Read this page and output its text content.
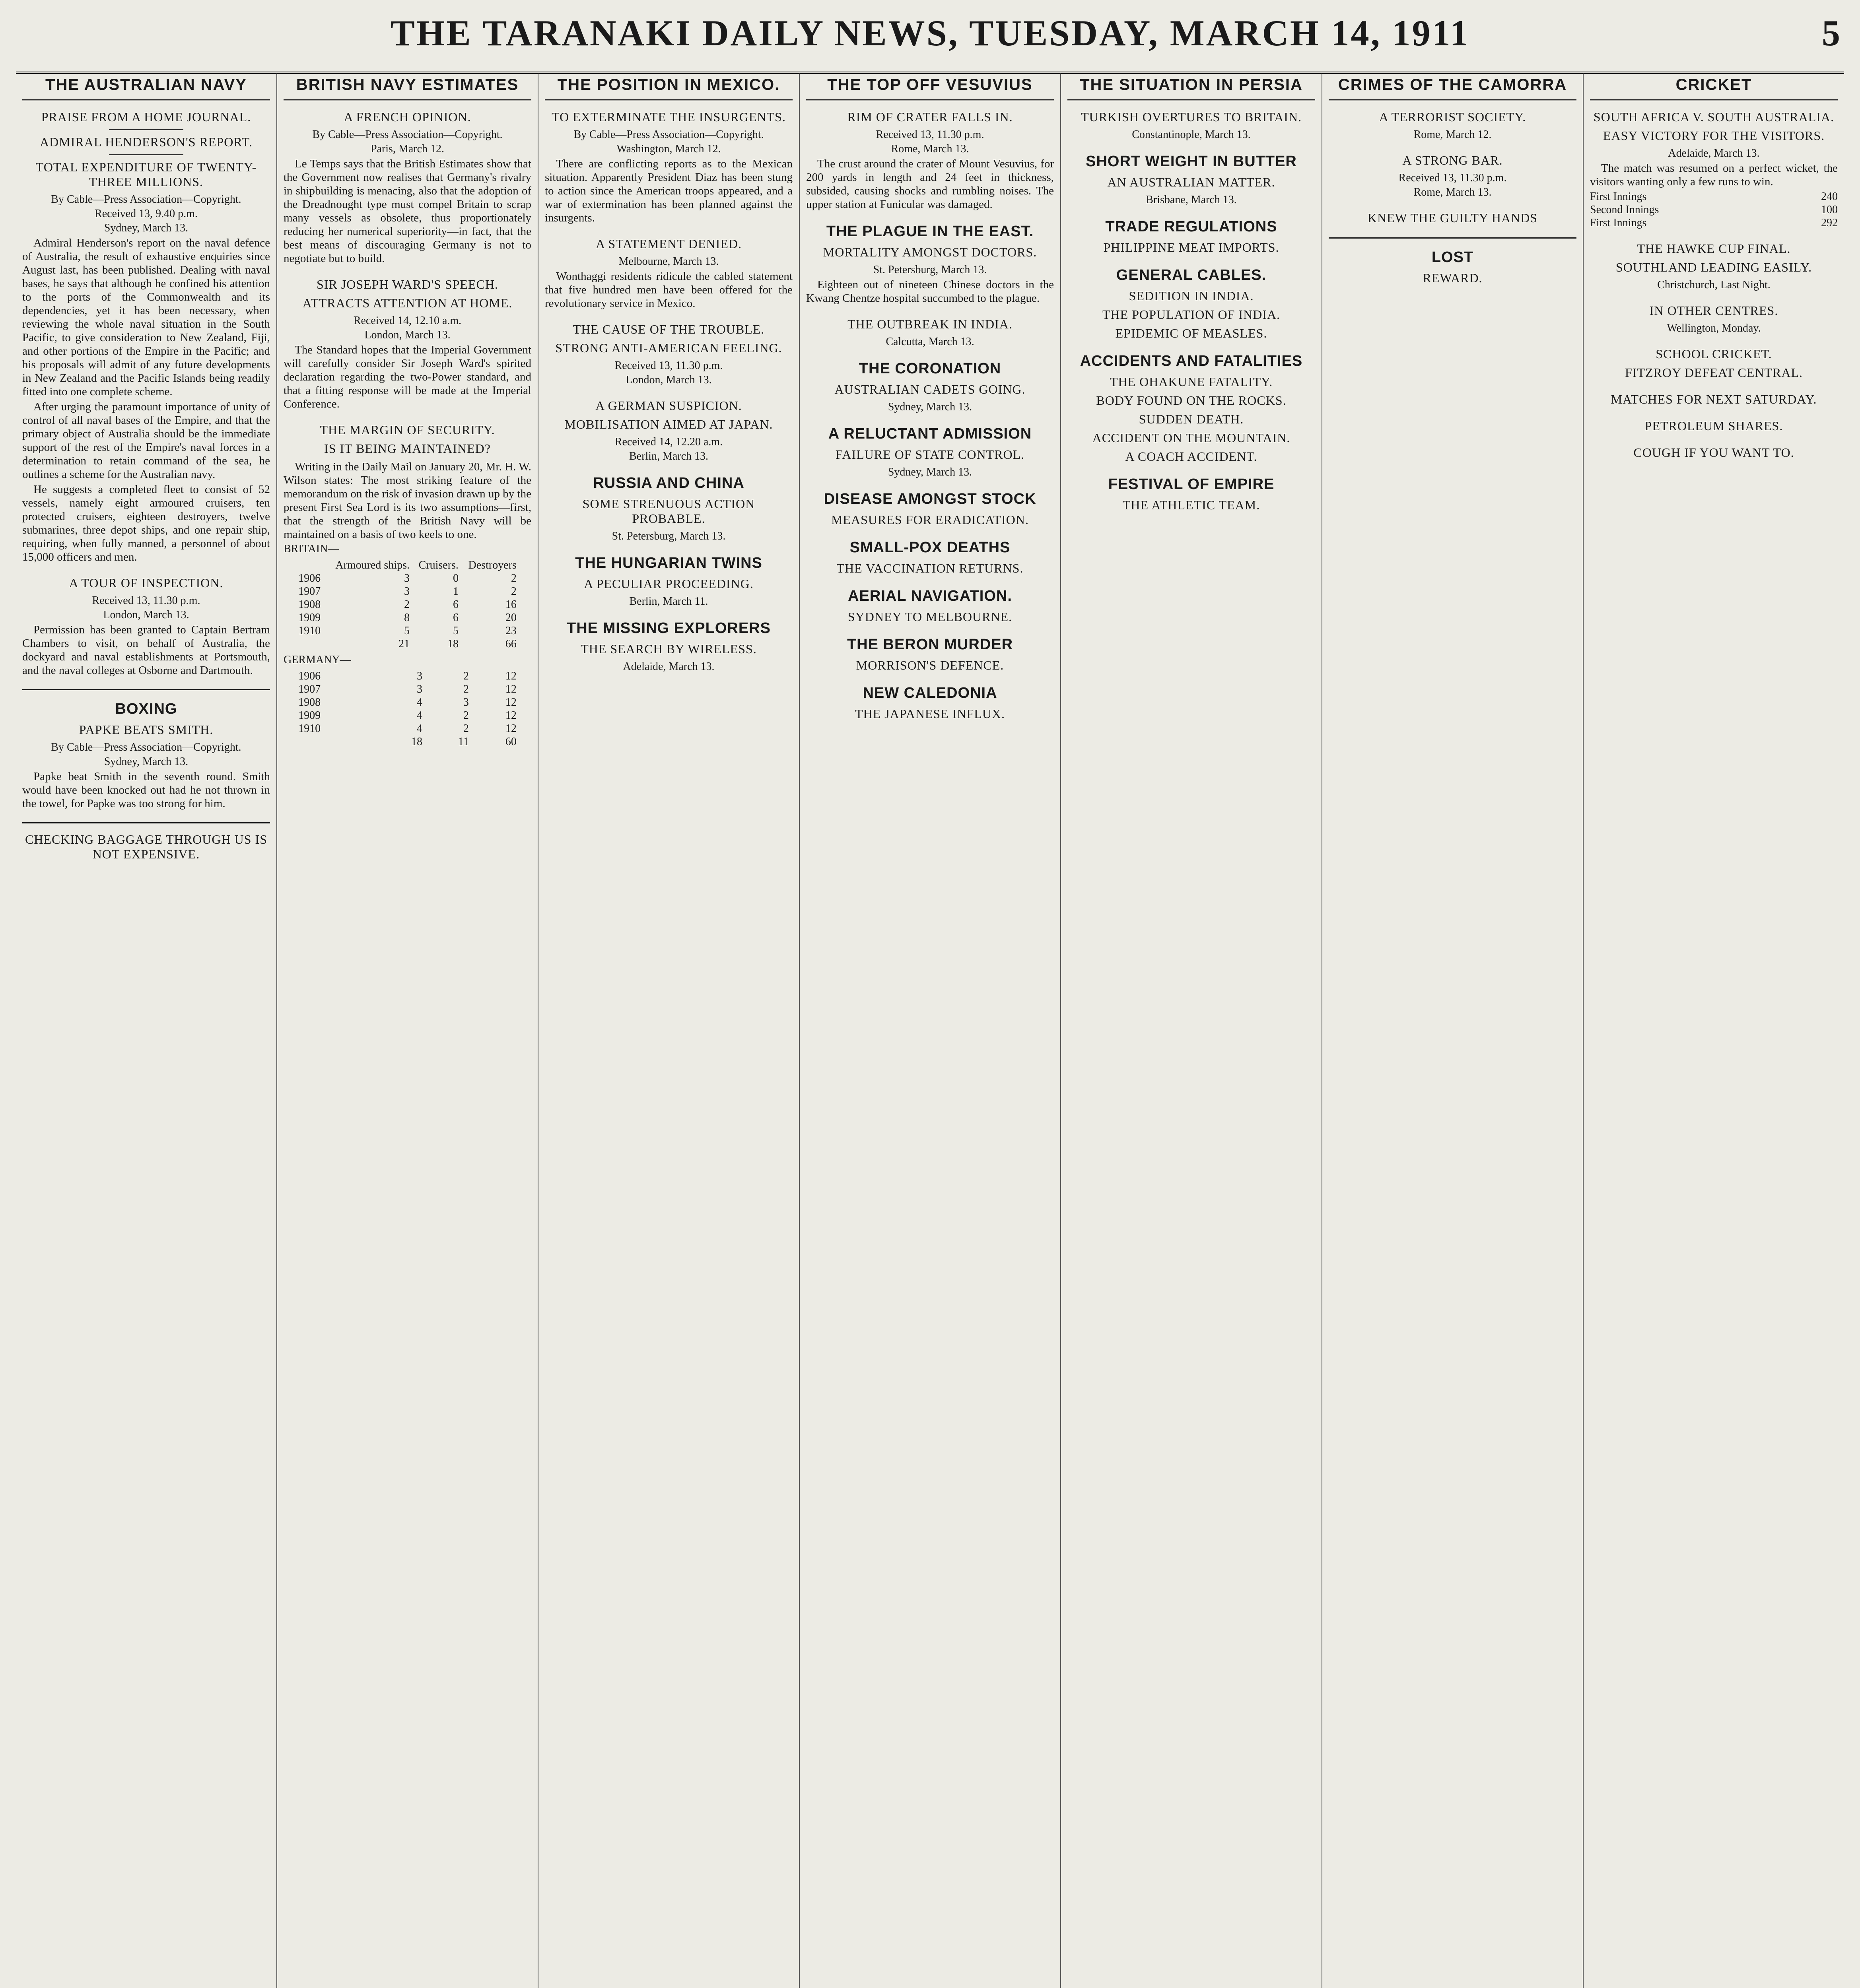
THE TARANAKI DAILY NEWS, TUESDAY, MARCH 14, 1911	5
THE AUSTRALIAN NAVY
PRAISE FROM A HOME JOURNAL.
ADMIRAL HENDERSON'S REPORT.
TOTAL EXPENDITURE OF TWENTY-THREE MILLIONS.
By Cable—Press Association—Copyright.
Received 13, 9.40 p.m.
Sydney, March 13.

Admiral Henderson's report on the naval defence of Australia, the result of exhaustive enquiries since August last, has been published. Dealing with naval bases, he says that although he confined his attention to the ports of the Commonwealth and its dependencies, yet it has been necessary, when reviewing the whole naval situation in the South Pacific, to give consideration to New Zealand, Fiji, and other portions of the Empire in the Pacific; and his proposals will admit of any future developments in New Zealand and the Pacific Islands being readily fitted into one complete scheme.

After urging the paramount importance of unity of control of all naval bases of the Empire, and that the primary object of Australia should be the immediate support of the rest of the Empire's naval forces in a determination to retain command of the sea, he outlines a scheme for the Australian navy.

He suggests a completed fleet to consist of 52 vessels, namely eight armoured cruisers, ten protected cruisers, eighteen destroyers, twelve submarines, three depot ships, and one repair ship, requiring, when fully manned, a personnel of about 15,000 officers and men.

A TOUR OF INSPECTION.
Received 13, 11.30 p.m.
London, March 13.

Permission has been granted to Captain Bertram Chambers to visit, on behalf of Australia, the dockyard and naval establishments at Portsmouth, and the naval colleges at Osborne and Dartmouth.

BOXING
PAPKE BEATS SMITH.
By Cable—Press Association—Copyright.
Sydney, March 13.

Papke beat Smith in the seventh round. Smith would have been knocked out had he not thrown in the towel, for Papke was too strong for him.

CHECKING BAGGAGE THROUGH US IS NOT EXPENSIVE.
BRITISH NAVY ESTIMATES
A FRENCH OPINION.
By Cable—Press Association—Copyright.
Paris, March 12.

Le Temps says that the British Estimates show that the Government now realises that Germany's rivalry in shipbuilding is menacing, also that the adoption of the Dreadnought type must compel Britain to scrap many vessels as obsolete, thus proportionately reducing her numerical superiority—in fact, that the best means of discouraging Germany is not to negotiate but to build.

SIR JOSEPH WARD'S SPEECH.
ATTRACTS ATTENTION AT HOME.
Received 14, 12.10 a.m.
London, March 13.

The Standard hopes that the Imperial Government will carefully consider Sir Joseph Ward's spirited declaration regarding the two-Power standard, and that a fitting response will be made at the Imperial Conference.

THE MARGIN OF SECURITY.
IS IT BEING MAINTAINED?

Writing in the Daily Mail on January 20, Mr. H. W. Wilson states: The most striking feature of the memorandum on the risk of invasion drawn up by the present First Sea Lord is its two assumptions—first, that the strength of the British Navy will be maintained on a basis of two keels to one.

BRITAIN—
	Armoured ships.	Cruisers.	Destroyers
1906	3	0	2
1907	3	1	2
1908	2	6	16
1909	8	6	20
1910	5	5	23
	21	18	66
GERMANY—
1906	3	2	12
1907	3	2	12
1908	4	3	12
1909	4	2	12
1910	4	2	12
	18	11	60
THE POSITION IN MEXICO.
TO EXTERMINATE THE INSURGENTS.
By Cable—Press Association—Copyright.
Washington, March 12.

There are conflicting reports as to the Mexican situation. Apparently President Diaz has been stung to action since the American troops appeared, and a war of extermination has been planned against the insurgents.

A STATEMENT DENIED.
Melbourne, March 13.

Wonthaggi residents ridicule the cabled statement that five hundred men have been offered for the revolutionary service in Mexico.

THE CAUSE OF THE TROUBLE.
STRONG ANTI-AMERICAN FEELING.
Received 13, 11.30 p.m.
London, March 13.
A GERMAN SUSPICION.
MOBILISATION AIMED AT JAPAN.
Received 14, 12.20 a.m.
Berlin, March 13.
RUSSIA AND CHINA
SOME STRENUOUS ACTION PROBABLE.
St. Petersburg, March 13.
THE HUNGARIAN TWINS
A PECULIAR PROCEEDING.
Berlin, March 11.
THE MISSING EXPLORERS
THE SEARCH BY WIRELESS.
Adelaide, March 13.
THE TOP OFF VESUVIUS
RIM OF CRATER FALLS IN.
Received 13, 11.30 p.m.
Rome, March 13.

The crust around the crater of Mount Vesuvius, for 200 yards in length and 24 feet in thickness, subsided, causing shocks and rumbling noises. The upper station at Funicular was damaged.

THE PLAGUE IN THE EAST.
MORTALITY AMONGST DOCTORS.
St. Petersburg, March 13.

Eighteen out of nineteen Chinese doctors in the Kwang Chentze hospital succumbed to the plague.

THE OUTBREAK IN INDIA.
Calcutta, March 13.
THE CORONATION
AUSTRALIAN CADETS GOING.
Sydney, March 13.
A RELUCTANT ADMISSION
FAILURE OF STATE CONTROL.
Sydney, March 13.
DISEASE AMONGST STOCK
MEASURES FOR ERADICATION.
SMALL-POX DEATHS
THE VACCINATION RETURNS.
AERIAL NAVIGATION.
SYDNEY TO MELBOURNE.
THE BERON MURDER
MORRISON'S DEFENCE.
NEW CALEDONIA
THE JAPANESE INFLUX.
THE SITUATION IN PERSIA
TURKISH OVERTURES TO BRITAIN.
Constantinople, March 13.
SHORT WEIGHT IN BUTTER
AN AUSTRALIAN MATTER.
Brisbane, March 13.
TRADE REGULATIONS
PHILIPPINE MEAT IMPORTS.
GENERAL CABLES.
SEDITION IN INDIA.
THE POPULATION OF INDIA.
EPIDEMIC OF MEASLES.
ACCIDENTS AND FATALITIES
THE OHAKUNE FATALITY.
BODY FOUND ON THE ROCKS.
SUDDEN DEATH.
ACCIDENT ON THE MOUNTAIN.
A COACH ACCIDENT.
FESTIVAL OF EMPIRE
THE ATHLETIC TEAM.
CRIMES OF THE CAMORRA
A TERRORIST SOCIETY.
Rome, March 12.
A STRONG BAR.
Received 13, 11.30 p.m.
Rome, March 13.
KNEW THE GUILTY HANDS
LOST
REWARD.
CRICKET
SOUTH AFRICA V. SOUTH AUSTRALIA.
EASY VICTORY FOR THE VISITORS.
Adelaide, March 13.

The match was resumed on a perfect wicket, the visitors wanting only a few runs to win.

First Innings	240
Second Innings	100
First Innings	292
THE HAWKE CUP FINAL.
SOUTHLAND LEADING EASILY.
Christchurch, Last Night.
IN OTHER CENTRES.
Wellington, Monday.
SCHOOL CRICKET.
FITZROY DEFEAT CENTRAL.
MATCHES FOR NEXT SATURDAY.
PETROLEUM SHARES.
COUGH IF YOU WANT TO.
